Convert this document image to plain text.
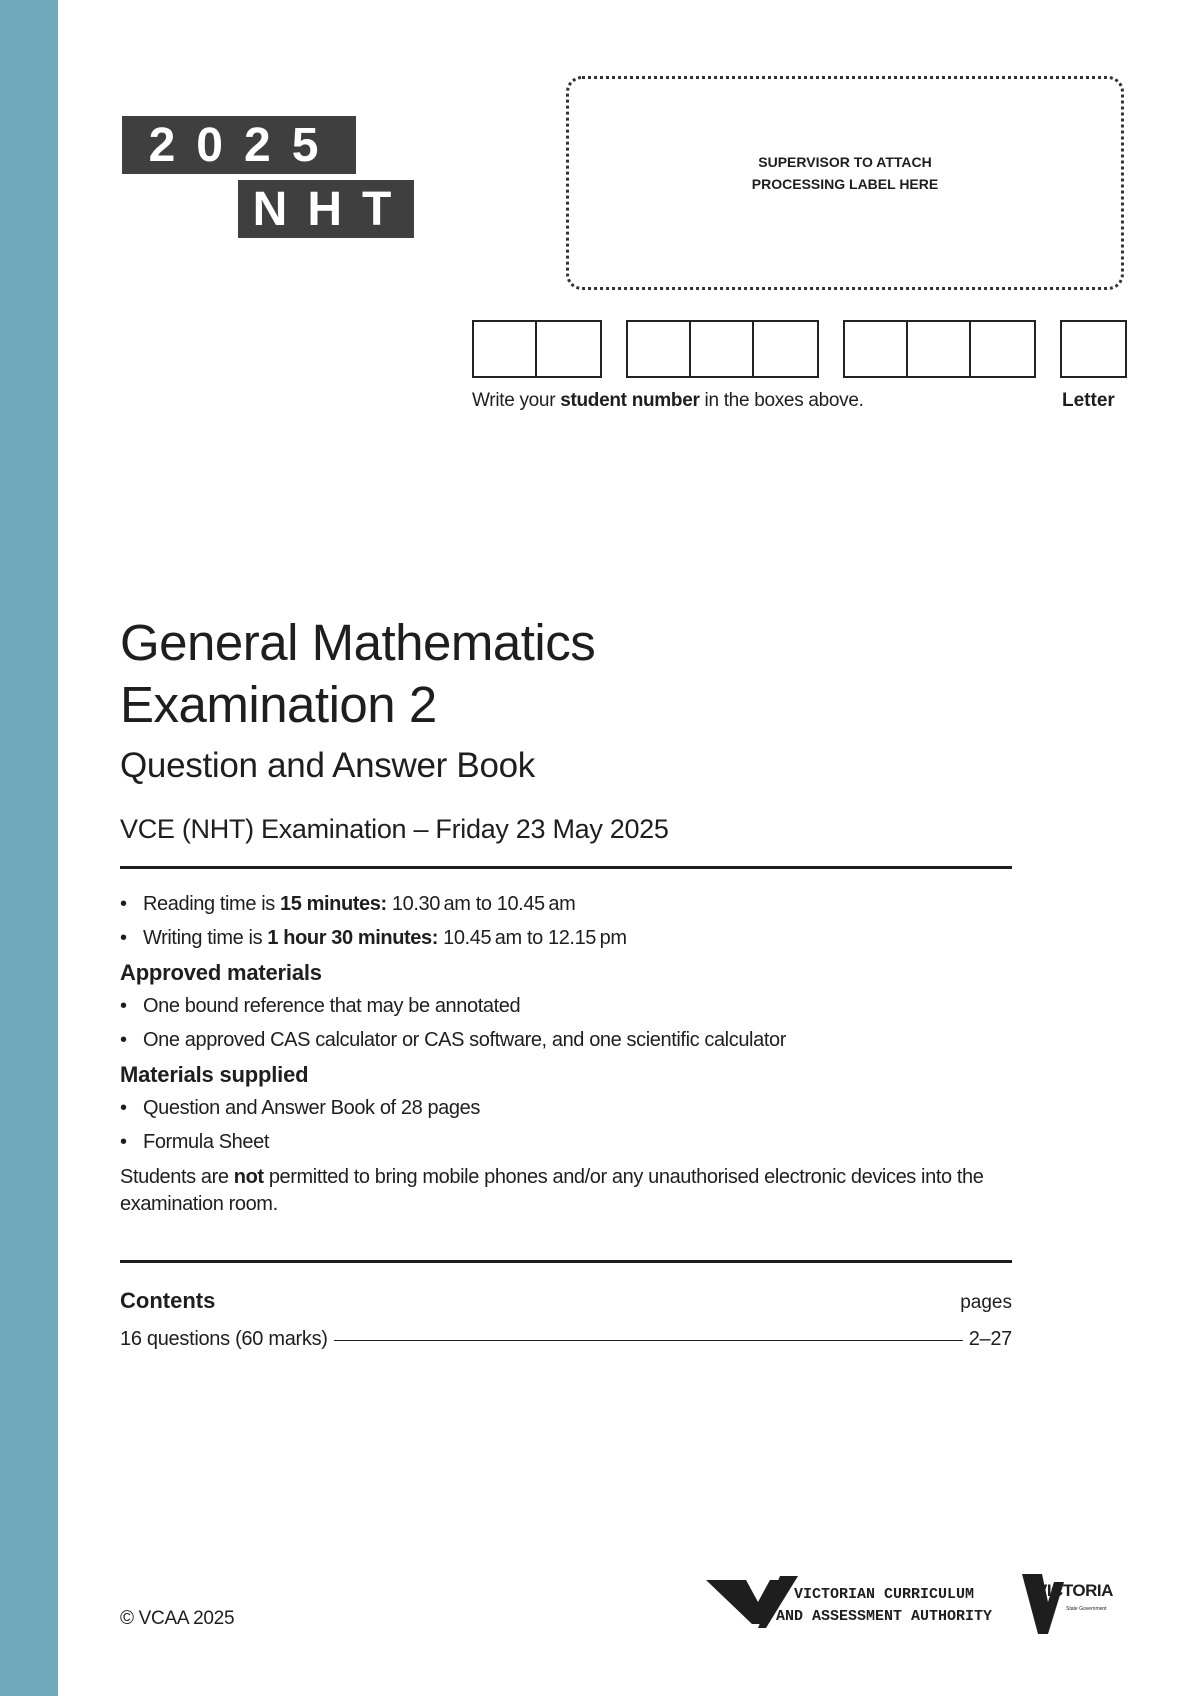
2025
NHT
SUPERVISOR TO ATTACH
PROCESSING LABEL HERE
Write your student number in the boxes above.	Letter
General Mathematics
Examination 2
Question and Answer Book
VCE (NHT) Examination – Friday 23 May 2025
• Reading time is 15 minutes: 10.30 am to 10.45 am
• Writing time is 1 hour 30 minutes: 10.45 am to 12.15 pm
Approved materials
• One bound reference that may be annotated
• One approved CAS calculator or CAS software, and one scientific calculator
Materials supplied
• Question and Answer Book of 28 pages
• Formula Sheet

Students are not permitted to bring mobile phones and/or any unauthorised electronic devices into the examination room.

Contents	pages
16 questions (60 marks)	2–27
© VCAA 2025
VICTORIAN CURRICULUM
AND ASSESSMENT AUTHORITY
VICTORIA
State Government
